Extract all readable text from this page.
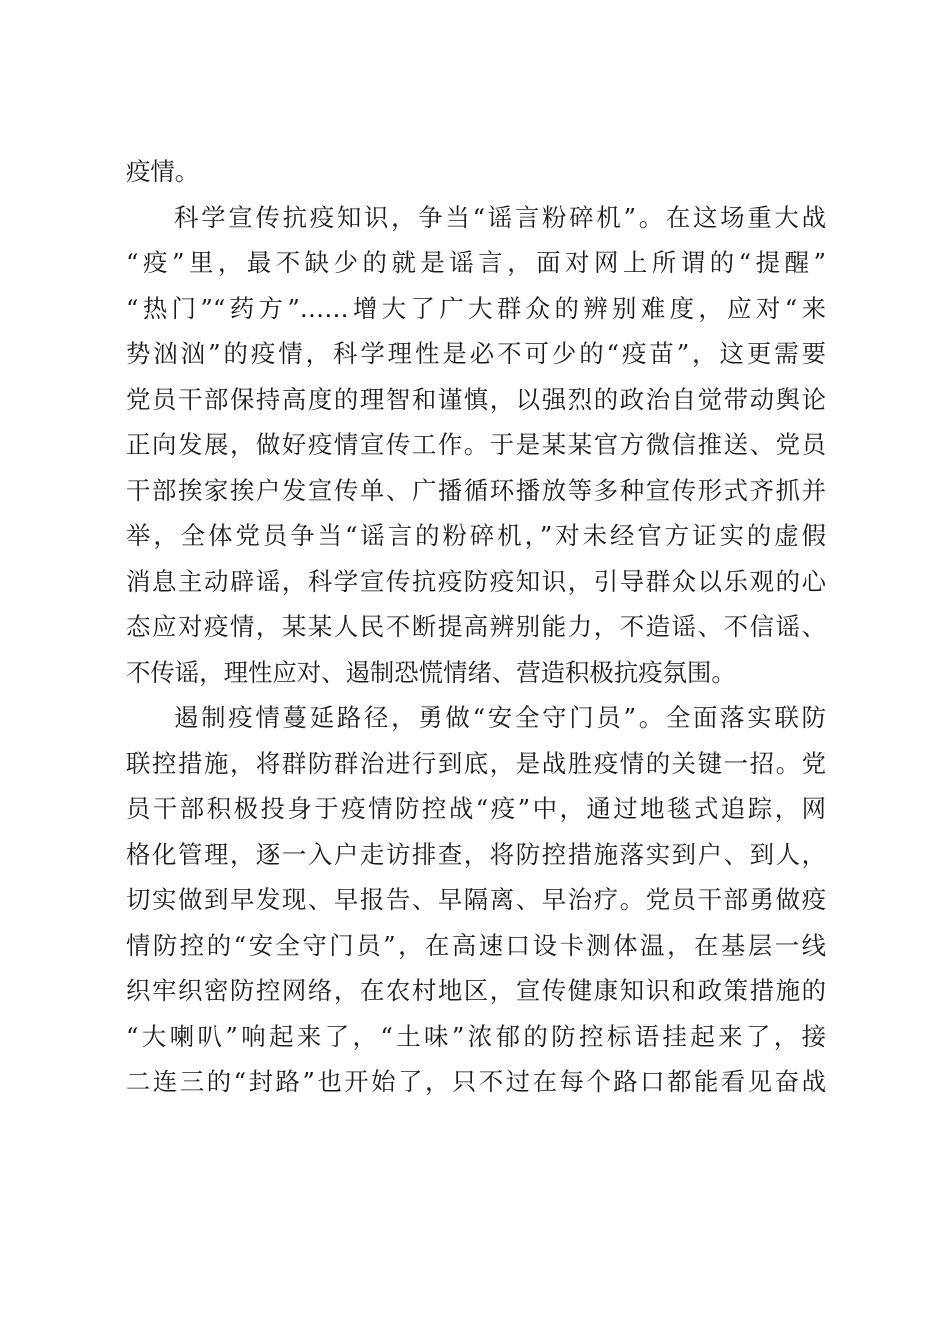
疫情。
科学宣传抗疫知识，争当“谣言粉碎机”。在这场重大战
“疫”里，最不缺少的就是谣言，面对网上所谓的“提醒”
“热门”“药方”……增大了广大群众的辨别难度，应对“来
势汹汹”的疫情，科学理性是必不可少的“疫苗”，这更需要
党员干部保持高度的理智和谨慎，以强烈的政治自觉带动舆论
正向发展，做好疫情宣传工作。于是某某官方微信推送、党员
干部挨家挨户发宣传单、广播循环播放等多种宣传形式齐抓并
举，全体党员争当“谣言的粉碎机，”对未经官方证实的虚假
消息主动辟谣，科学宣传抗疫防疫知识，引导群众以乐观的心
态应对疫情，某某人民不断提高辨别能力，不造谣、不信谣、
不传谣，理性应对、遏制恐慌情绪、营造积极抗疫氛围。
遏制疫情蔓延路径，勇做“安全守门员”。全面落实联防
联控措施，将群防群治进行到底，是战胜疫情的关键一招。党
员干部积极投身于疫情防控战“疫”中，通过地毯式追踪，网
格化管理，逐一入户走访排查，将防控措施落实到户、到人，
切实做到早发现、早报告、早隔离、早治疗。党员干部勇做疫
情防控的“安全守门员”，在高速口设卡测体温，在基层一线
织牢织密防控网络，在农村地区，宣传健康知识和政策措施的
“大喇叭”响起来了，“土味”浓郁的防控标语挂起来了，接
二连三的“封路”也开始了，只不过在每个路口都能看见奋战
